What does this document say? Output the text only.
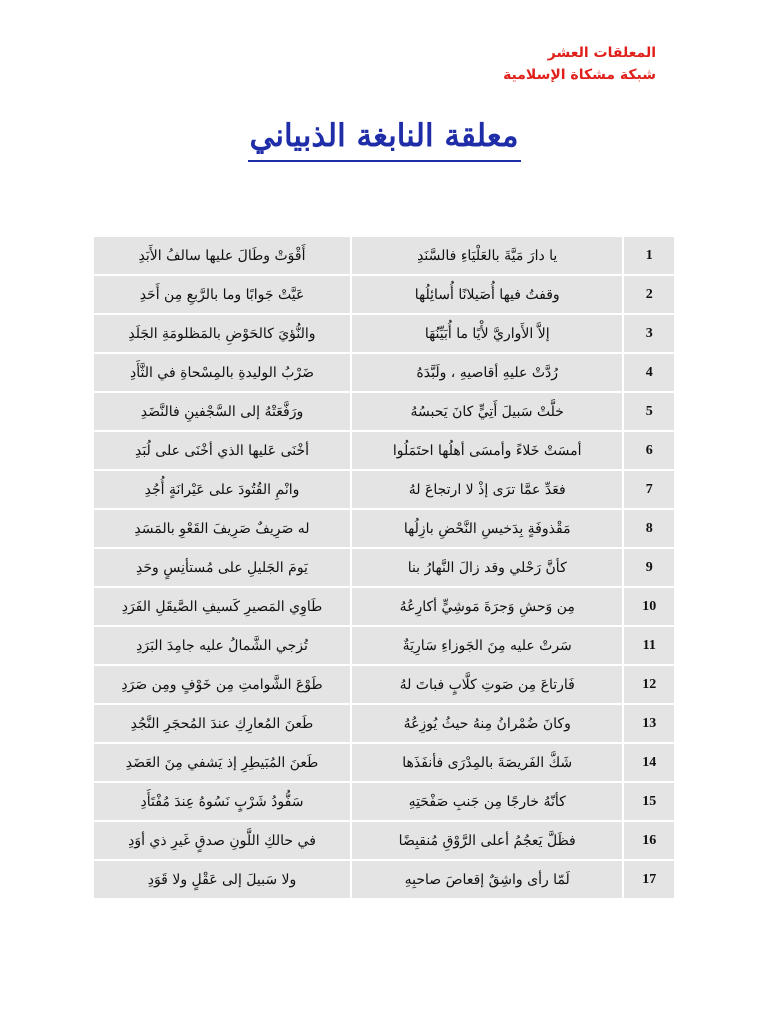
المعلقات العشر
شبكة مشكاة الإسلامية
معلقة النابغة الذبياني
أَقْوَتْ وطَالَ عليها سالفُ الأَبَدِ	يا دارَ مَيَّةَ بالعَلْيَاءِ فالسَّنَدِ	1
عَيَّتْ جَوابًا وما بالرَّبعِ مِن أَحَدِ	وقفتُ فيها أُصَيلانًا أُسائِلُها	2
والنُّؤيَ كالحَوْضِ بالمَظلومَةِ الجَلَدِ	إلاَّ الأَواريَّ لأْيًا ما أُبَيِّنُهَا	3
ضَرْبُ الوليدةِ بالمِسْحاةِ في الثَّأَدِ	رُدَّتْ عليهِ أقاصيهِ ، ولَبَّدَهُ	4
ورَفَّعَتْهُ إلى السَّجْفينِ فالنَّضَدِ	خلَّتْ سَبيلَ أَتِيٍّ كانَ يَحبسُهُ	5
أخْنَى عَليها الذي أخْنَى على لُبَدِ	أمسَتْ خَلاءً وأمسَى أهلُها احتَمَلُوا	6
وانْمِ القُتُودَ على عَيْرانَةٍ أُجُدِ	فعَدِّ عمَّا ترَى إذْ لا ارتجاعَ لهُ	7
له صَرِيفٌ صَرِيفَ القَعْوِ بالمَسَدِ	مَقْذوفَةٍ بِدَخيسِ النَّحْضِ بازِلُها	8
يَومَ الجَليلِ على مُستأنِسٍ وحَدِ	كأنَّ رَحْلي وقد زالَ النَّهارُ بنا	9
طَاوِي المَصيرِ كَسيفِ الصَّيقَلِ الفَرَدِ	مِن وَحشِ وَجرَةَ مَوشِيٍّ أكارِعُهُ	10
تُزجي الشَّمالُ عليه جامِدَ البَرَدِ	سَرتْ عليه مِنَ الجَوزاءِ سَارِيَةٌ	11
طَوْعَ الشَّوامتِ مِن خَوْفٍ ومِن صَرَدِ	فَارتاعَ مِن صَوتِ كلَّابٍ فباتَ لهُ	12
طَعنَ المُعارِكِ عندَ المُحجَرِ النَّجُدِ	وكانَ ضُمْرانُ مِنهُ حيثُ يُوزِعُهُ	13
طَعنَ المُبَيطِرِ إذ يَشفي مِنَ العَضَدِ	شَكَّ الفَريصَةَ بالمِدْرَى فأنفَذَها	14
سَفُّودُ شَرْبٍ نَسُوهُ عِندَ مُفْتَأَدِ	كأنّهُ خارجًا مِن جَنبِ صَفْحَتِهِ	15
في حالكِ اللَّونِ صدقٍ غَيرِ ذي أوَدِ	فظَلَّ يَعجُمُ أعلى الرَّوْقِ مُنقبِضًا	16
ولا سَبيلَ إلى عَقْلٍ ولا قَوَدِ	لَمّا رأى واشِقٌ إقعاصَ صاحبِهِ	17
